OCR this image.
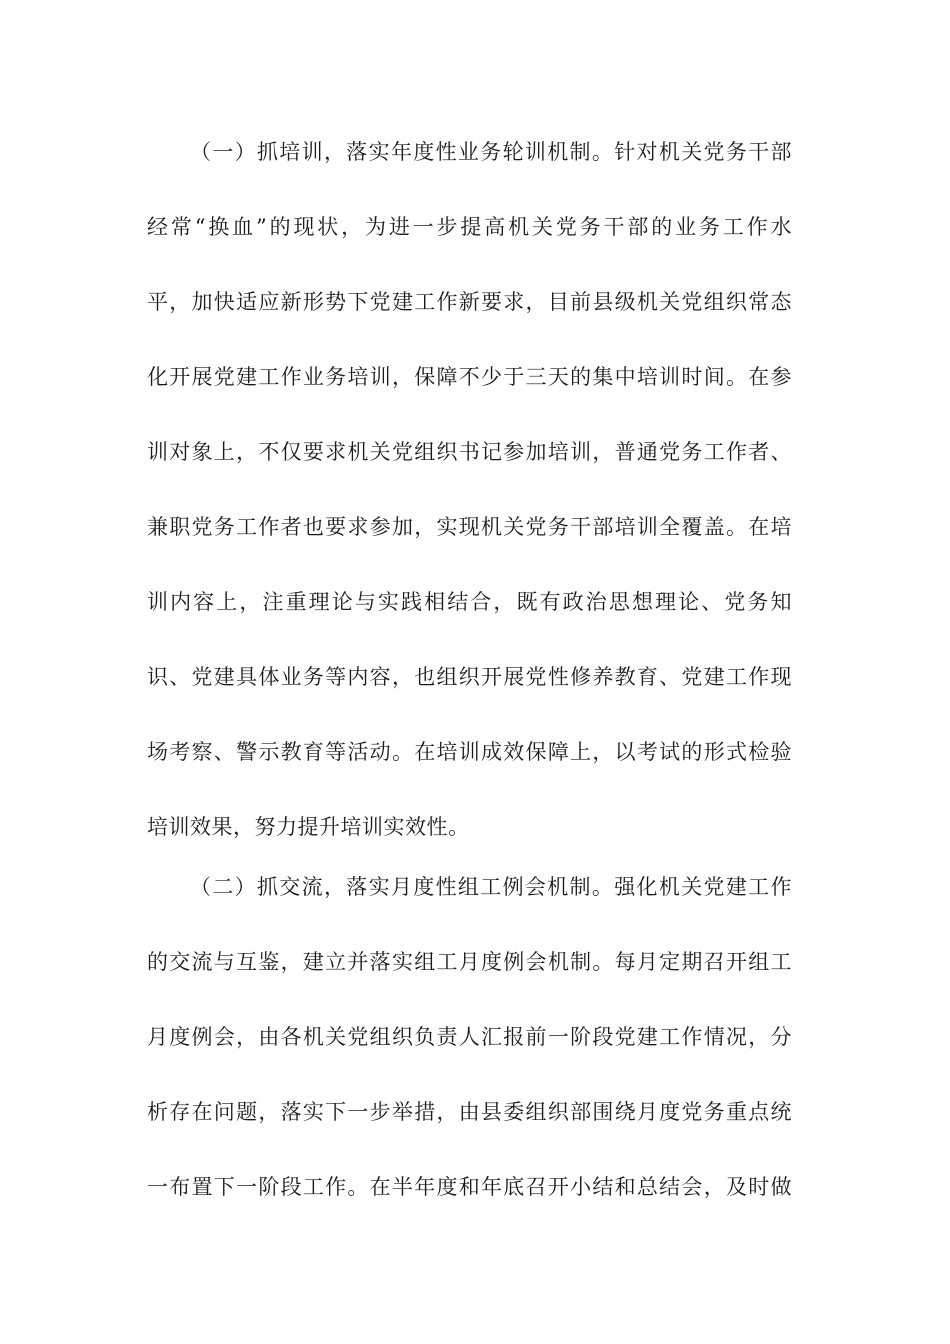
（一）抓培训，落实年度性业务轮训机制。针对机关党务干部
经常“换血”的现状，为进一步提高机关党务干部的业务工作水
平，加快适应新形势下党建工作新要求，目前县级机关党组织常态
化开展党建工作业务培训，保障不少于三天的集中培训时间。在参
训对象上，不仅要求机关党组织书记参加培训，普通党务工作者、
兼职党务工作者也要求参加，实现机关党务干部培训全覆盖。在培
训内容上，注重理论与实践相结合，既有政治思想理论、党务知
识、党建具体业务等内容，也组织开展党性修养教育、党建工作现
场考察、警示教育等活动。在培训成效保障上，以考试的形式检验
培训效果，努力提升培训实效性。
（二）抓交流，落实月度性组工例会机制。强化机关党建工作
的交流与互鉴，建立并落实组工月度例会机制。每月定期召开组工
月度例会，由各机关党组织负责人汇报前一阶段党建工作情况，分
析存在问题，落实下一步举措，由县委组织部围绕月度党务重点统
一布置下一阶段工作。在半年度和年底召开小结和总结会，及时做
